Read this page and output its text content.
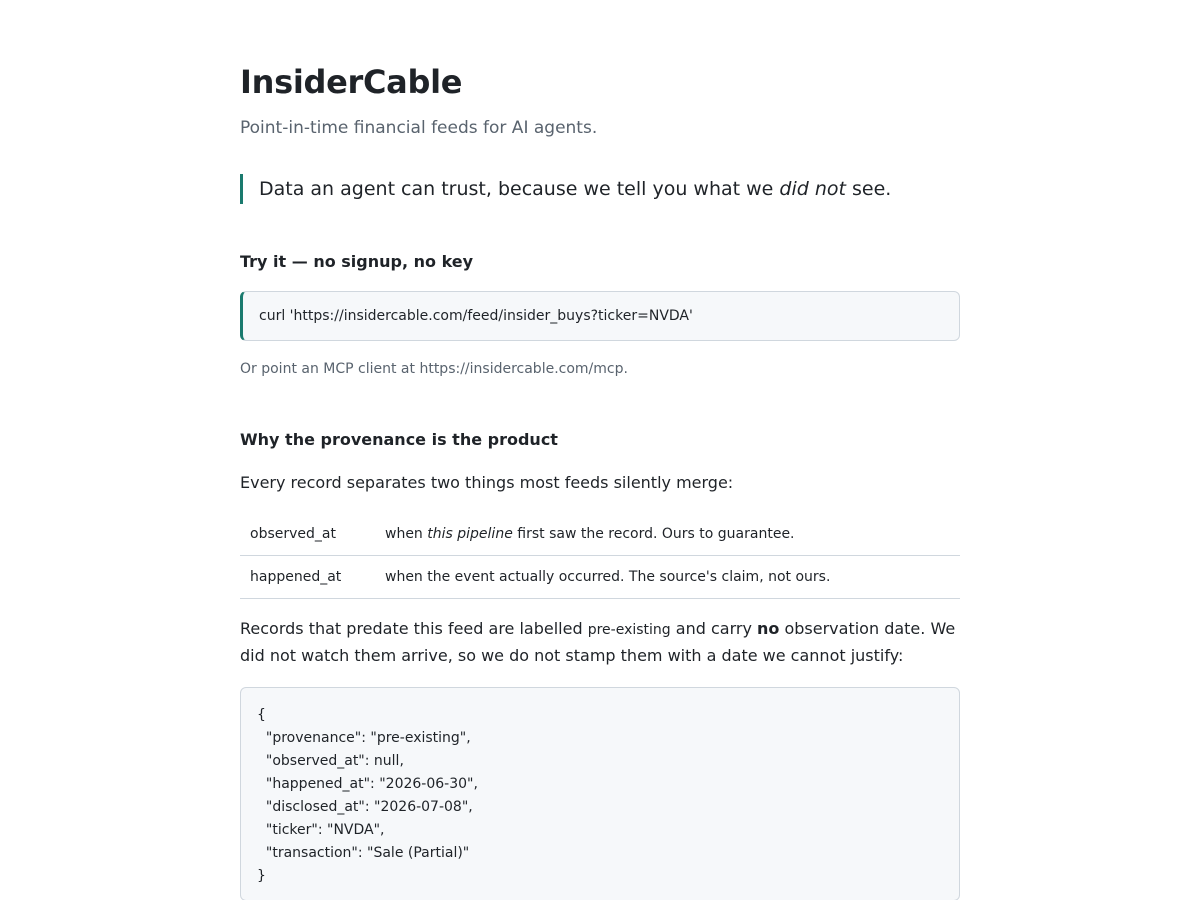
InsiderCable
Point-in-time financial feeds for AI agents.
Data an agent can trust, because we tell you what we did not see.
Try it — no signup, no key
curl 'https://insidercable.com/feed/insider_buys?ticker=NVDA'
Or point an MCP client at https://insidercable.com/mcp.
Why the provenance is the product
Every record separates two things most feeds silently merge:
observed_at	when this pipeline first saw the record. Ours to guarantee.
happened_at	when the event actually occurred. The source's claim, not ours.
Records that predate this feed are labelled pre-existing and carry no observation date. We did not watch them arrive, so we do not stamp them with a date we cannot justify:
{
"provenance": "pre-existing",
"observed_at": null,
"happened_at": "2026-06-30",
"disclosed_at": "2026-07-08",
"ticker": "NVDA",
"transaction": "Sale (Partial)"
}
